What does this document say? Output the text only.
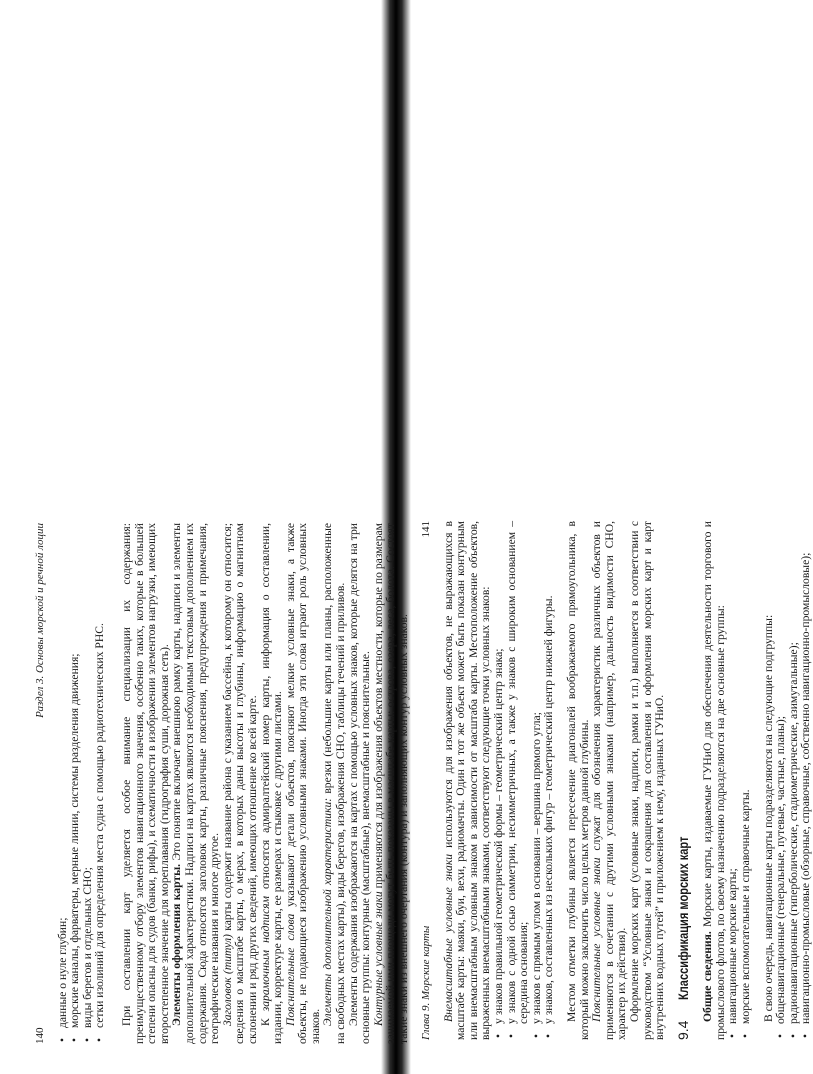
140
Раздел 3. Основы морской и речной лоции
• данные о нуле глубин; • морские каналы, фарватеры, мерные линии, системы разделения движения; • виды берегов и отдельных СНО; • сетки изолиний для определения места судна с помощью радиотехнических РНС. При составлении карт уделяется особое внимание специализации их содержания: преимущественному отбору элементов навигационного значения, особенно таких, которые в большей степени опасны для судов (банки, рифы), и схематичности в изображении элементов нагрузки, имеющих второстепенное значение для мореплавания (гидрография суши, дорожная сеть). Элементы оформления карты. Это понятие включает внешнюю рамку карты, надписи и элементы дополнительной характеристики. Надписи на картах являются необходимым текстовым дополнением их содержания. Сюда относятся заголовок карты, различные пояснения, предупреждения и примечания, географические названия и многое другое. Заголовок (титул) карты содержит название района с указанием бассейна, к которому он относится; сведения о масштабе карты, о мерах, в которых даны высоты и глубины, информацию о магнитном склонении и ряд других сведений, имеющих отношение ко всей карте. К зарамочным надписям относятся адмиралтейский номер карты, информация о составлении, издании, корректуре карты, ее размерах и стыковке с другими листами. Пояснительные слова указывают детали объектов, поясняют мелкие условные знаки, а также объекты, не подающиеся изображению условными знаками. Иногда эти слова играют роль условных знаков.

Элементы дополнительной характеристики: врезки (небольшие карты или планы, расположенные на свободных местах карты), виды берегов, изображения СНО, таблицы течений и приливов. Элементы содержания изображаются на картах с помощью условных знаков, которые делятся на три основные группы: контурные (масштабные), внемасштабные и пояснительные. Контурные условные знаки применяются для изображения объектов местности, которые по размерам занимаемой ими площади могут быть показаны в масштабе карты: острова, озера, леса, болота. Состоят такие знаки из внешнего очертания (контура) и заполняющих контур условных знаков. Глава 9. Морские карты
141

Внемасштабные условные знаки используются для изображения объектов, не выражающихся в масштабе карты: маяки, буи, вехи, радиомачты. Один и тот же объект может быть показан контурным или внемасштабным условным знаком в зависимости от масштаба карты. Местоположение объектов, выраженных внемасштабными знаками, соответствуют следующие точки условных знаков: • у знаков правильной геометрической формы – геометрический центр знака; • у знаков с одной осью симметрии, несимметричных, а также у знаков с широким основанием – середина основания; • у знаков с прямым углом в основании – вершина прямого угла; • у знаков, составленных из нескольких фигур – геометрический центр нижней фигуры. Местом отметки глубины является пересечение диагоналей воображаемого прямоугольника, в который можно заключить число целых метров данной глубины. Пояснительные условные знаки служат для обозначения характеристик различных объектов и применяются в сочетании с другими условными знаками (например, дальность видимости СНО, характер их действия). Оформление морских карт (условные знаки, надписи, рамки и т.п.) выполняется в соответствии с руководством “Условные знаки и сокращения для составления и оформления морских карт и карт внутренних водных путей” и приложением к нему, изданных ГУНиО. 9.4
Классификация морских карт Общие сведения. Морские карты, издаваемые ГУНиО для обеспечения деятельности торгового и промыслового флотов, по своему назначению подразделяются на две основные группы: • навигационные морские карты; • морские вспомогательные и справочные карты. В свою очередь, навигационные карты подразделяются на следующие подгруппы: • общенавигационные (генеральные, путевые, частные, планы); • радионавигационные (гиперболические, стадиометрические, азимутальные); • навигационно-промысловые (обзорные, справочные, собственно навигационно-промысловые);
